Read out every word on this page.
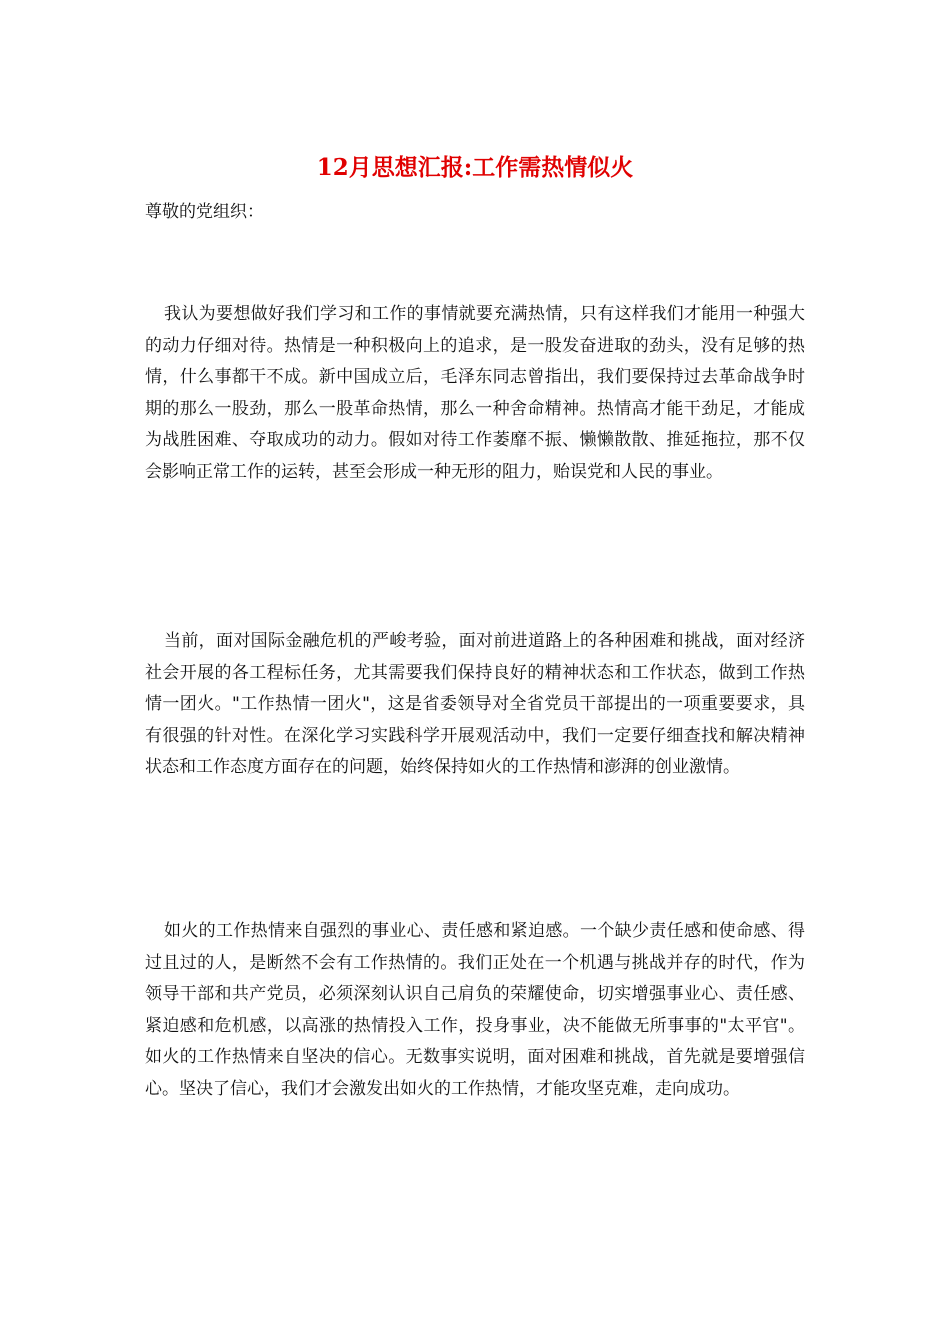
12月思想汇报:工作需热情似火

尊敬的党组织：

我认为要想做好我们学习和工作的事情就要充满热情，只有这样我们才能用一种强大的动力仔细对待。热情是一种积极向上的追求，是一股发奋进取的劲头，没有足够的热情，什么事都干不成。新中国成立后，毛泽东同志曾指出，我们要保持过去革命战争时期的那么一股劲，那么一股革命热情，那么一种舍命精神。热情高才能干劲足，才能成为战胜困难、夺取成功的动力。假如对待工作萎靡不振、懒懒散散、推延拖拉，那不仅会影响正常工作的运转，甚至会形成一种无形的阻力，贻误党和人民的事业。

当前，面对国际金融危机的严峻考验，面对前进道路上的各种困难和挑战，面对经济社会开展的各工程标任务，尤其需要我们保持良好的精神状态和工作状态，做到工作热情一团火。"工作热情一团火"，这是省委领导对全省党员干部提出的一项重要要求，具有很强的针对性。在深化学习实践科学开展观活动中，我们一定要仔细查找和解决精神状态和工作态度方面存在的问题，始终保持如火的工作热情和澎湃的创业激情。

如火的工作热情来自强烈的事业心、责任感和紧迫感。一个缺少责任感和使命感、得过且过的人，是断然不会有工作热情的。我们正处在一个机遇与挑战并存的时代，作为领导干部和共产党员，必须深刻认识自己肩负的荣耀使命，切实增强事业心、责任感、紧迫感和危机感，以高涨的热情投入工作，投身事业，决不能做无所事事的"太平官"。如火的工作热情来自坚决的信心。无数事实说明，面对困难和挑战，首先就是要增强信心。坚决了信心，我们才会激发出如火的工作热情，才能攻坚克难，走向成功。
